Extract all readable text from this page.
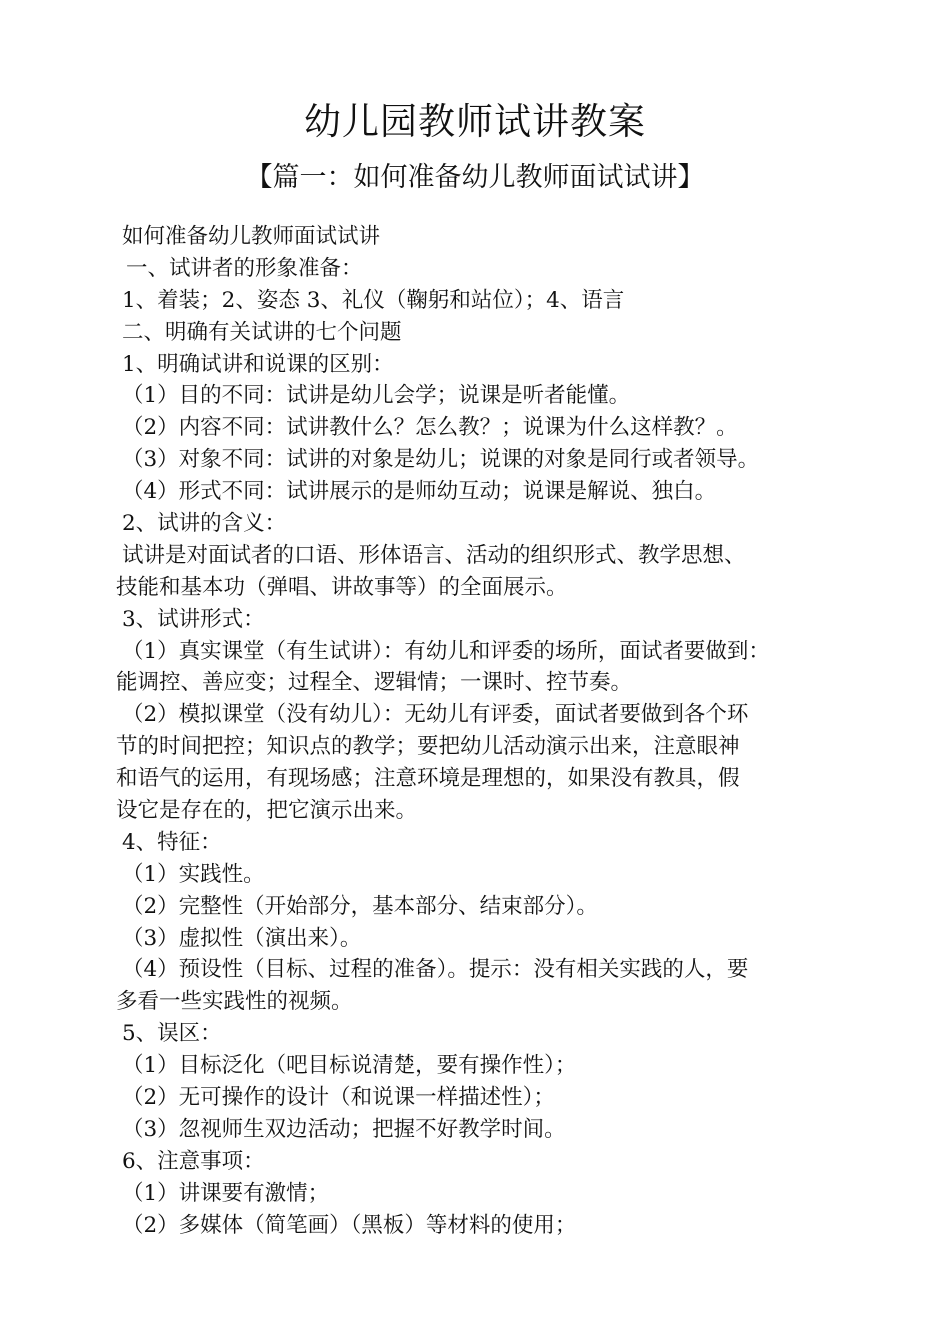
幼儿园教师试讲教案
【篇一：如何准备幼儿教师面试试讲】
如何准备幼儿教师面试试讲
一、试讲者的形象准备：
1、着装；2、姿态 3、礼仪（鞠躬和站位）；4、语言
二、明确有关试讲的七个问题
1、明确试讲和说课的区别：
（1）目的不同：试讲是幼儿会学；说课是听者能懂。
（2）内容不同：试讲教什么？怎么教？；说课为什么这样教？。
（3）对象不同：试讲的对象是幼儿；说课的对象是同行或者领导。
（4）形式不同：试讲展示的是师幼互动；说课是解说、独白。
2、试讲的含义：
试讲是对面试者的口语、形体语言、活动的组织形式、教学思想、
技能和基本功（弹唱、讲故事等）的全面展示。
3、试讲形式：
（1）真实课堂（有生试讲）：有幼儿和评委的场所，面试者要做到：
能调控、善应变；过程全、逻辑情；一课时、控节奏。
（2）模拟课堂（没有幼儿）：无幼儿有评委，面试者要做到各个环
节的时间把控；知识点的教学；要把幼儿活动演示出来，注意眼神
和语气的运用，有现场感；注意环境是理想的，如果没有教具，假
设它是存在的，把它演示出来。
4、特征：
（1）实践性。
（2）完整性（开始部分，基本部分、结束部分）。
（3）虚拟性（演出来）。
（4）预设性（目标、过程的准备）。提示：没有相关实践的人，要
多看一些实践性的视频。
5、误区：
（1）目标泛化（吧目标说清楚，要有操作性）；
（2）无可操作的设计（和说课一样描述性）；
（3）忽视师生双边活动；把握不好教学时间。
6、注意事项：
（1）讲课要有激情；
（2）多媒体（简笔画）（黑板）等材料的使用；
